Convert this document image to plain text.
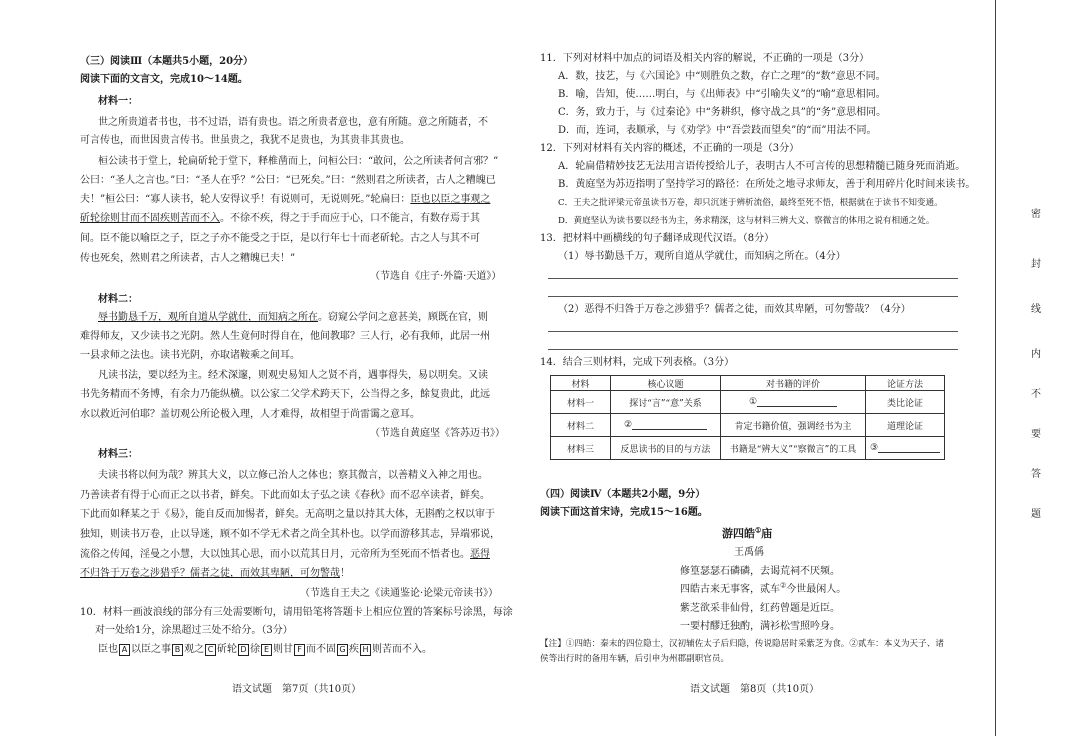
（三）阅读Ⅲ（本题共5小题，20分）
阅读下面的文言文，完成10～14题。
材料一：
世之所贵道者书也，书不过语，语有贵也。语之所贵者意也，意有所随。意之所随者，不
可言传也，而世因贵言传书。世虽贵之，我犹不足贵也，为其贵非其贵也。
桓公读书于堂上，轮扁斫轮于堂下，释椎凿而上，问桓公曰：“敢问，公之所读者何言邪？”
公曰：“圣人之言也。”曰：“圣人在乎？”公曰：“已死矣。”曰：“然则君之所读者，古人之糟魄已
夫！”桓公曰：“寡人读书，轮人安得议乎！有说则可，无说则死。”轮扁曰：臣也以臣之事观之
斫轮徐则甘而不固疾则苦而不入。不徐不疾，得之于手而应于心，口不能言，有数存焉于其
间。臣不能以喻臣之子，臣之子亦不能受之于臣，是以行年七十而老斫轮。古之人与其不可
传也死矣，然则君之所读者，古人之糟魄已夫！”
（节选自《庄子·外篇·天道》）
材料二：
辱书勤恳千万，观所自道从学就仕，而知病之所在。窃窥公学问之意甚美，顾既在官，则
难得师友，又少读书之光阴。然人生竟何时得自在，他间教耶？三人行，必有我师，此居一州
一县求师之法也。读书光阴，亦取诸鞍乘之间耳。
凡读书法，要以经为主。经术深邃，则观史易知人之贤不肖，遇事得失，易以明矣。又读
书先务精而不务博，有余力乃能纵横。以公家二父学术跨天下，公当得之多，餘复贵此，此远
水以救近河伯耶？盖切观公所论极入理，人才难得，故相望于尚雷霭之意耳。
（节选自黄庭坚《答苏迈书》）
材料三：
夫读书将以何为哉？辨其大义，以立修己治人之体也；察其微言，以善精义入神之用也。
乃善读者有得于心而正之以书者，鲜矣。下此而如太子弘之读《春秋》而不忍卒读者，鲜矣。
下此而如释某之于《易》，能自反而加惕者，鲜矣。无高明之量以持其大体，无斟酌之权以审于
独知，则读书万卷，止以导迷，顾不如不学无术者之尚全其朴也。以学而游移其志，异端邪说，
流俗之传闻，淫曼之小慧，大以蚀其心思，而小以荒其日月，元帝所为至死而不悟者也。恶得
不归咎于万卷之涉猎乎？儒者之徒，而效其卑陋，可勿警哉！
（节选自王夫之《读通鉴论·论梁元帝读书》）
10．材料一画波浪线的部分有三处需要断句，请用铅笔将答题卡上相应位置的答案标号涂黑，每涂
对一处给1分，涂黑超过三处不给分。（3分）
臣也 A 以臣之事 B 观之 C 斫轮 D 徐 E 则甘 F 而不固 G 疾 H 则苦而不入。
语文试题　第7页（共10页）
11．下列对材料中加点的词语及相关内容的解说，不正确的一项是（3分）
A．数，技艺，与《六国论》中“则胜负之数，存亡之理”的“数”意思不同。
B．喻，告知，使……明白，与《出师表》中“引喻失义”的“喻”意思相同。
C．务，致力于，与《过秦论》中“务耕织，修守战之具”的“务”意思相同。
D．而，连词，表顺承，与《劝学》中“吾尝跂而望矣”的“而”用法不同。
12．下列对材料有关内容的概述，不正确的一项是（3分）
A．轮扁借精妙技艺无法用言语传授给儿子，表明古人不可言传的思想精髓已随身死而消逝。
B．黄庭坚为苏迈指明了坚持学习的路径：在所处之地寻求师友，善于利用碎片化时间来读书。
C．王夫之批评梁元帝虽读书万卷，却只沉迷于辨析流俗，最终至死不悟，根据就在于读书不知变通。
D．黄庭坚认为读书要以经书为主，务求精深，这与材料三辨大义、察微言的体用之说有相通之处。
13．把材料中画横线的句子翻译成现代汉语。（8分）
（1）辱书勤恳千万，观所自道从学就仕，而知病之所在。（4分）
（2）恶得不归咎于万卷之涉猎乎？儒者之徒，而效其卑陋，可勿警哉？（4分）
14．结合三则材料，完成下列表格。（3分）
材料	核心议题	对书籍的评价	论证方法
材料一	探讨“言”“意”关系	①	类比论证
材料二	②	肯定书籍价值，强调经书为主	道理论证
材料三	反思读书的目的与方法	书籍是“辨大义”“察微言”的工具	③
（四）阅读Ⅳ（本题共2小题，9分）
阅读下面这首宋诗，完成15～16题。
游四皓①庙
王禹偁
修篁瑟瑟石磷磷，去谒荒祠不厌频。
四皓古来无事客，贰车②今世最闲人。
紫芝欲采非仙骨，红药曾题是近臣。
一要村醪迁独酌，满衫松雪照吟身。
【注】①四皓：秦末的四位隐士，汉初辅佐太子后归隐，传说隐居时采紫芝为食。②贰车：本义为天子、诸
侯等出行时的备用车辆，后引申为州郡副职官员。
语文试题　第8页（共10页）
密
封
线
内
不
要
答
题
